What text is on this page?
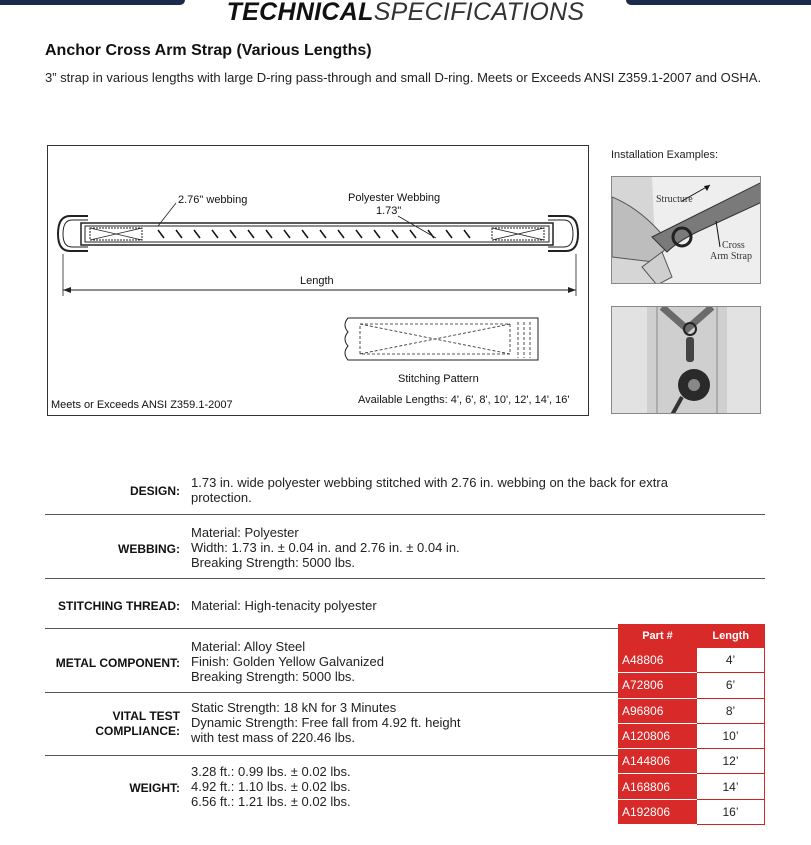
TECHNICALSPECIFICATIONS
Anchor Cross Arm Strap (Various Lengths)
3” strap in various lengths with large D-ring pass-through and small D-ring. Meets or Exceeds ANSI Z359.1-2007 and OSHA.
2.76" webbing	Polyester Webbing
1.73"
Length
Stitching Pattern
Meets or Exceeds ANSI Z359.1-2007	Available Lengths: 4', 6', 8', 10', 12', 14', 16'
Installation Examples:
Structure
Cross
Arm Strap
DESIGN:
1.73 in. wide polyester webbing stitched with 2.76 in. webbing on the back for extra
protection.
WEBBING:
Material: Polyester
Width: 1.73 in. ± 0.04 in. and 2.76 in. ± 0.04 in.
Breaking Strength: 5000 lbs.
STITCHING THREAD: Material: High-tenacity polyester
METAL COMPONENT:
Material: Alloy Steel
Finish: Golden Yellow Galvanized
Breaking Strength: 5000 lbs.
VITAL TEST
COMPLIANCE:
Static Strength: 18 kN for 3 Minutes
Dynamic Strength: Free fall from 4.92 ft. height
with test mass of 220.46 lbs.
WEIGHT:
3.28 ft.: 0.99 lbs. ± 0.02 lbs.
4.92 ft.: 1.10 lbs. ± 0.02 lbs.
6.56 ft.: 1.21 lbs. ± 0.02 lbs.
Part #	Length
A48806	4’
A72806	6’
A96806	8’
A120806	10’
A144806	12’
A168806	14’
A192806	16’
